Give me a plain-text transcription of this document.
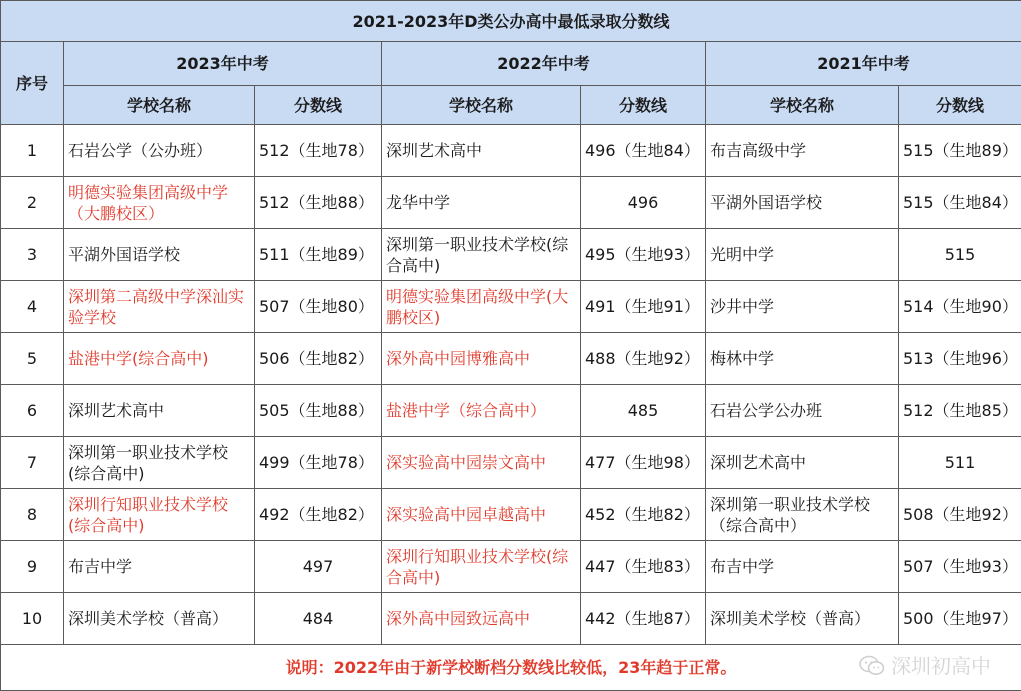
2021-2023年D类公办高中最低录取分数线						
序号	2023年中考		2022年中考		2021年中考	
	学校名称	分数线	学校名称	分数线	学校名称	分数线
1	石岩公学（公办班）	512（生地78）	深圳艺术高中	496（生地84）	布吉高级中学	515（生地89）
2	明德实验集团高级中学（大鹏校区）	512（生地88）	龙华中学	496	平湖外国语学校	515（生地84）
3	平湖外国语学校	511（生地89）	深圳第一职业技术学校(综合高中)	495（生地93）	光明中学	515
4	深圳第二高级中学深汕实验学校	507（生地80）	明德实验集团高级中学(大鹏校区)	491（生地91）	沙井中学	514（生地90）
5	盐港中学(综合高中)	506（生地82）	深外高中园博雅高中	488（生地92）	梅林中学	513（生地96）
6	深圳艺术高中	505（生地88）	盐港中学（综合高中）	485	石岩公学公办班	512（生地85）
7	深圳第一职业技术学校(综合高中)	499（生地78）	深实验高中园崇文高中	477（生地98）	深圳艺术高中	511
8	深圳行知职业技术学校(综合高中)	492（生地82）	深实验高中园卓越高中	452（生地82）	深圳第一职业技术学校（综合高中）	508（生地92）
9	布吉中学	497	深圳行知职业技术学校(综合高中)	447（生地83）	布吉中学	507（生地93）
10	深圳美术学校（普高）	484	深外高中园致远高中	442（生地87）	深圳美术学校（普高）	500（生地97）
说明：2022年由于新学校断档分数线比较低，23年趋于正常。 深圳初高中						
